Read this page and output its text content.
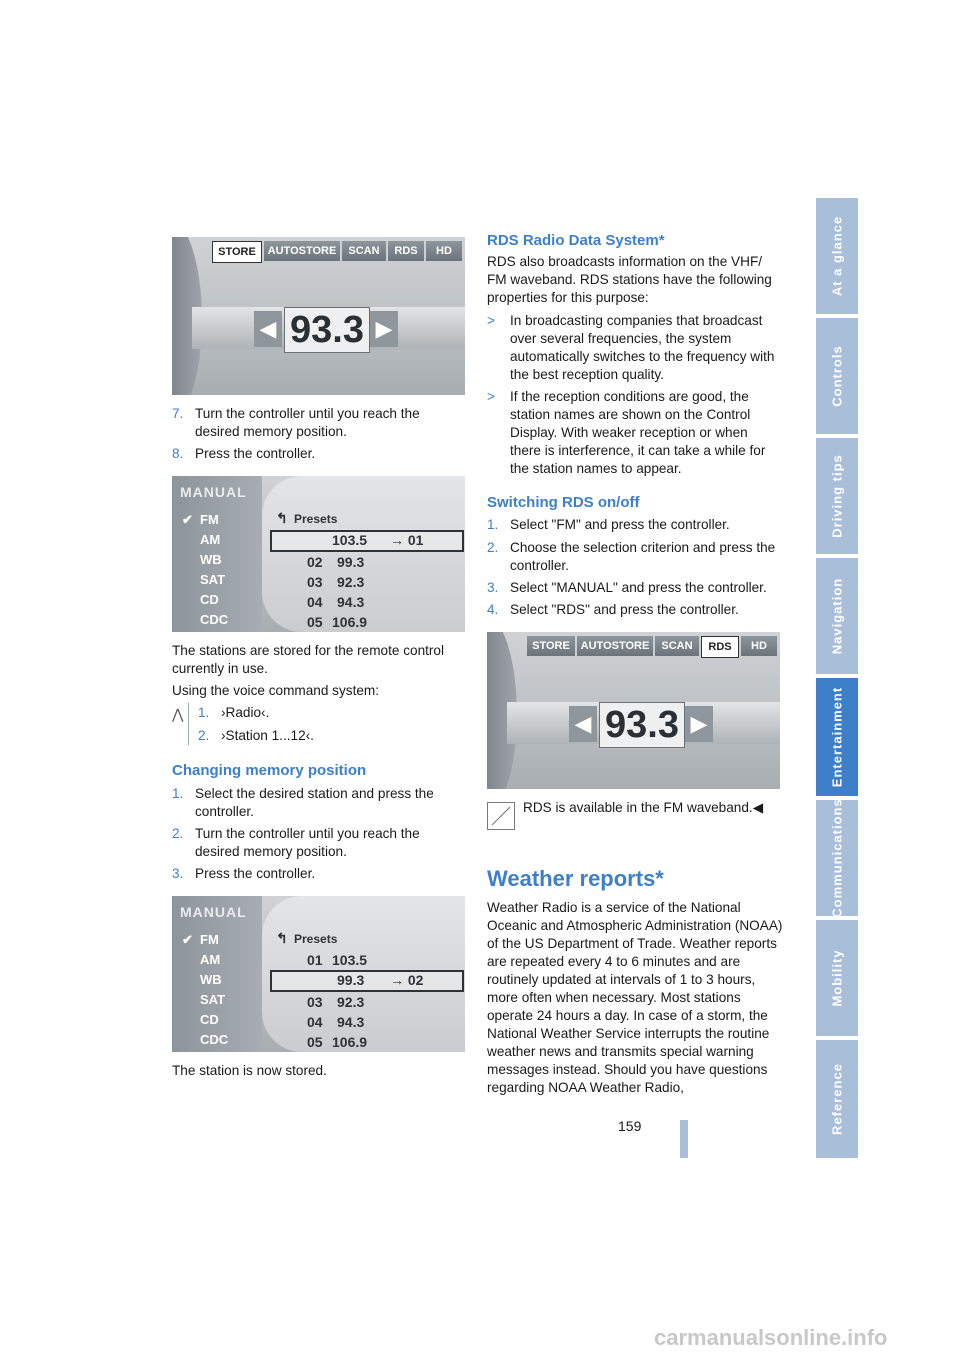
At a glance
Controls
Driving tips
Navigation
Entertainment
Communications
Mobility
Reference
STORE	AUTOSTORE	SCAN	RDS	HD
◀ 93.3 ▶
7. Turn the controller until you reach the desired memory position.
8. Press the controller.
MANUAL
✔ FM
AM
WB
SAT
CD
CDC
↰ Presets
103.5 → 01
02 99.3
03 92.3
04 94.3
05 106.9

The stations are stored for the remote control currently in use.

Using the voice command system:

⋀ 1. ›Radio‹.
2. ›Station 1...12‹.
Changing memory position
1. Select the desired station and press the controller.
2. Turn the controller until you reach the desired memory position.
3. Press the controller.
MANUAL
✔ FM
AM
WB
SAT
CD
CDC
↰ Presets
01 103.5
99.3 → 02
03 92.3
04 94.3
05 106.9

The station is now stored.

RDS Radio Data System*

RDS also broadcasts information on the VHF/ FM waveband. RDS stations have the following properties for this purpose:

> In broadcasting companies that broadcast over several frequencies, the system automatically switches to the frequency with the best reception quality.
> If the reception conditions are good, the station names are shown on the Control Display. With weaker reception or when there is interference, it can take a while for the station names to appear.
Switching RDS on/off
1. Select "FM" and press the controller.
2. Choose the selection criterion and press the controller.
3. Select "MANUAL" and press the controller.
4. Select "RDS" and press the controller.
STORE AUTOSTORE	SCAN	RDS	HD
◀ 93.3 ▶

RDS is available in the FM waveband.◀

Weather reports*

Weather Radio is a service of the National Oceanic and Atmospheric Administration (NOAA) of the US Department of Trade. Weather reports are repeated every 4 to 6 minutes and are routinely updated at intervals of 1 to 3 hours, more often when necessary. Most stations operate 24 hours a day. In case of a storm, the National Weather Service interrupts the routine weather news and transmits special warning messages instead. Should you have questions regarding NOAA Weather Radio,

159
carmanualsonline.info
